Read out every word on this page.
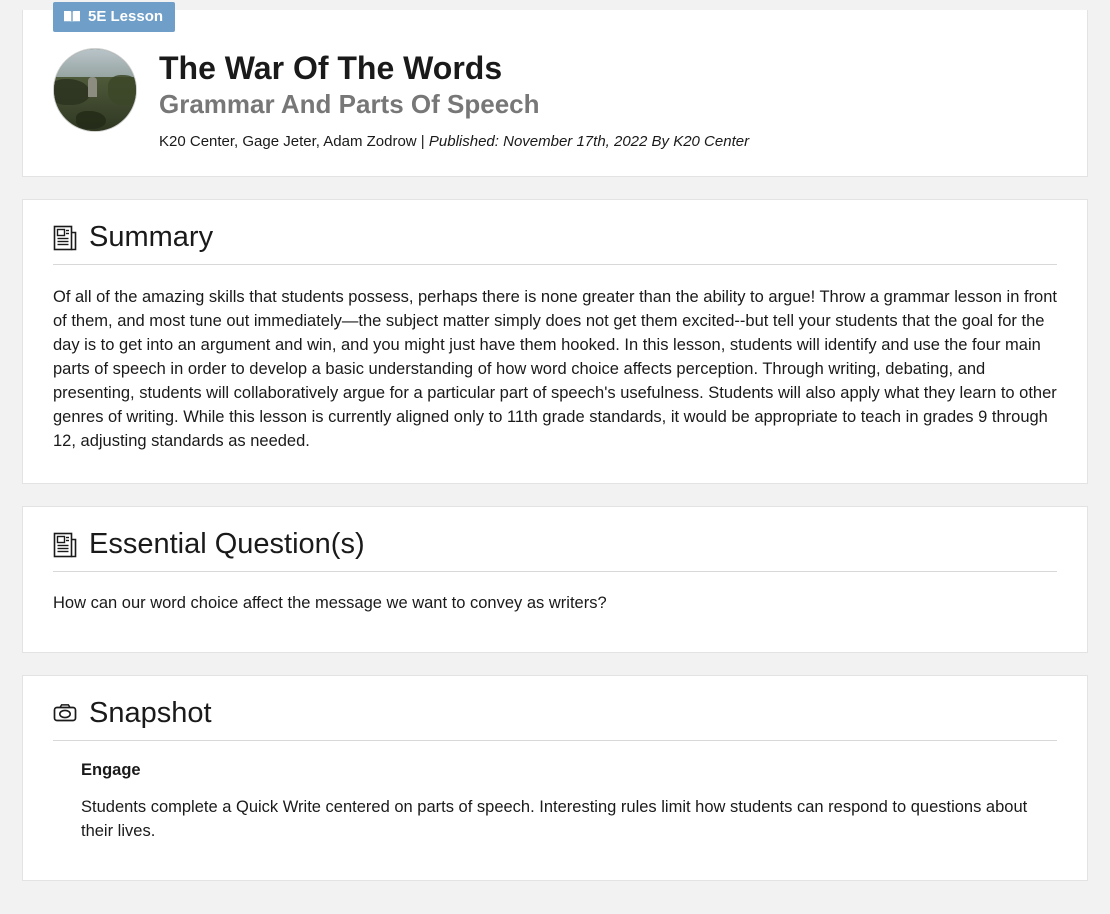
5E Lesson
The War Of The Words
Grammar And Parts Of Speech
K20 Center, Gage Jeter, Adam Zodrow | Published: November 17th, 2022 By K20 Center
Summary
Of all of the amazing skills that students possess, perhaps there is none greater than the ability to argue! Throw a grammar lesson in front of them, and most tune out immediately—the subject matter simply does not get them excited--but tell your students that the goal for the day is to get into an argument and win, and you might just have them hooked. In this lesson, students will identify and use the four main parts of speech in order to develop a basic understanding of how word choice affects perception. Through writing, debating, and presenting, students will collaboratively argue for a particular part of speech's usefulness. Students will also apply what they learn to other genres of writing. While this lesson is currently aligned only to 11th grade standards, it would be appropriate to teach in grades 9 through 12, adjusting standards as needed.
Essential Question(s)
How can our word choice affect the message we want to convey as writers?
Snapshot
Engage
Students complete a Quick Write centered on parts of speech. Interesting rules limit how students can respond to questions about their lives.
